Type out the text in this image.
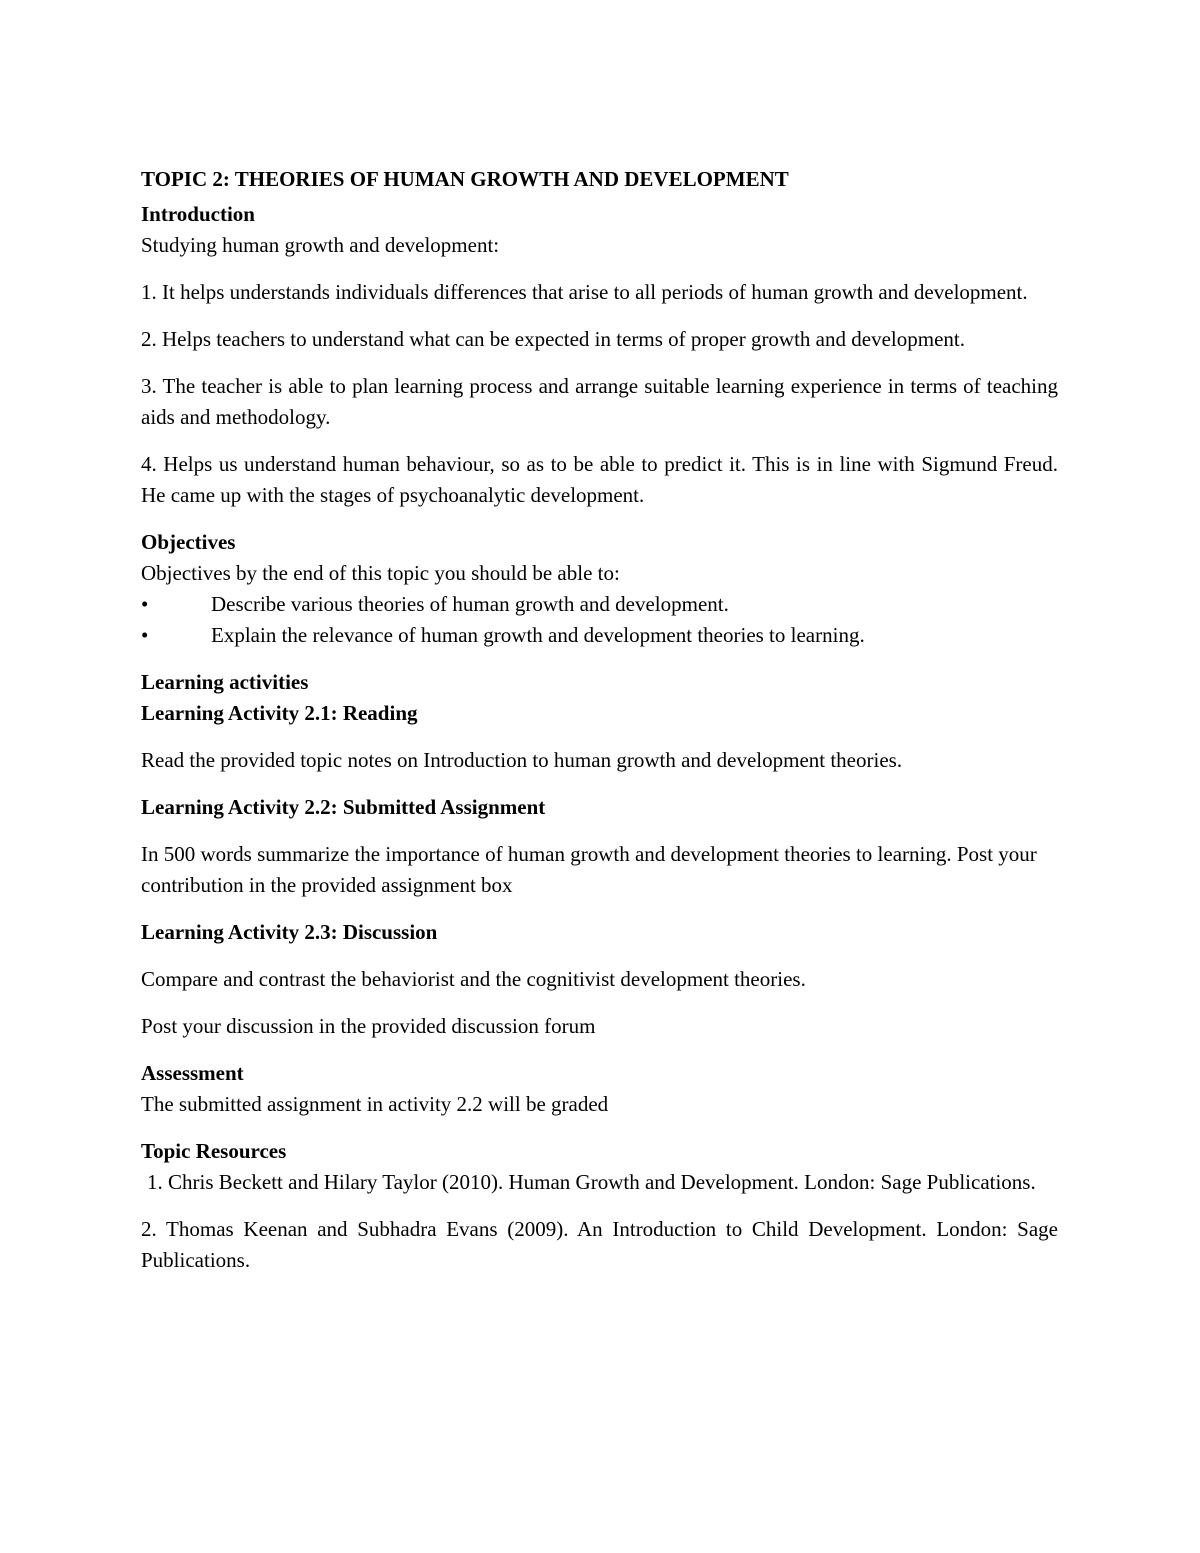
TOPIC 2: THEORIES OF HUMAN GROWTH AND DEVELOPMENT

Introduction

Studying human growth and development:

1. It helps understands individuals differences that arise to all periods of human growth and development.

2. Helps teachers to understand what can be expected in terms of proper growth and development.

3. The teacher is able to plan learning process and arrange suitable learning experience in terms of teaching aids and methodology.

4. Helps us understand human behaviour, so as to be able to predict it. This is in line with Sigmund Freud. He came up with the stages of psychoanalytic development.

Objectives

Objectives by the end of this topic you should be able to:

•	Describe various theories of human growth and development.
•	Explain the relevance of human growth and development theories to learning.

Learning activities

Learning Activity 2.1: Reading

Read the provided topic notes on Introduction to human growth and development theories.

Learning Activity 2.2: Submitted Assignment

In 500 words summarize the importance of human growth and development theories to learning. Post your contribution in the provided assignment box

Learning Activity 2.3: Discussion

Compare and contrast the behaviorist and the cognitivist development theories.

Post your discussion in the provided discussion forum

Assessment

The submitted assignment in activity 2.2 will be graded

Topic Resources

1. Chris Beckett and Hilary Taylor (2010). Human Growth and Development. London: Sage Publications.

2. Thomas Keenan and Subhadra Evans (2009). An Introduction to Child Development. London: Sage Publications.
